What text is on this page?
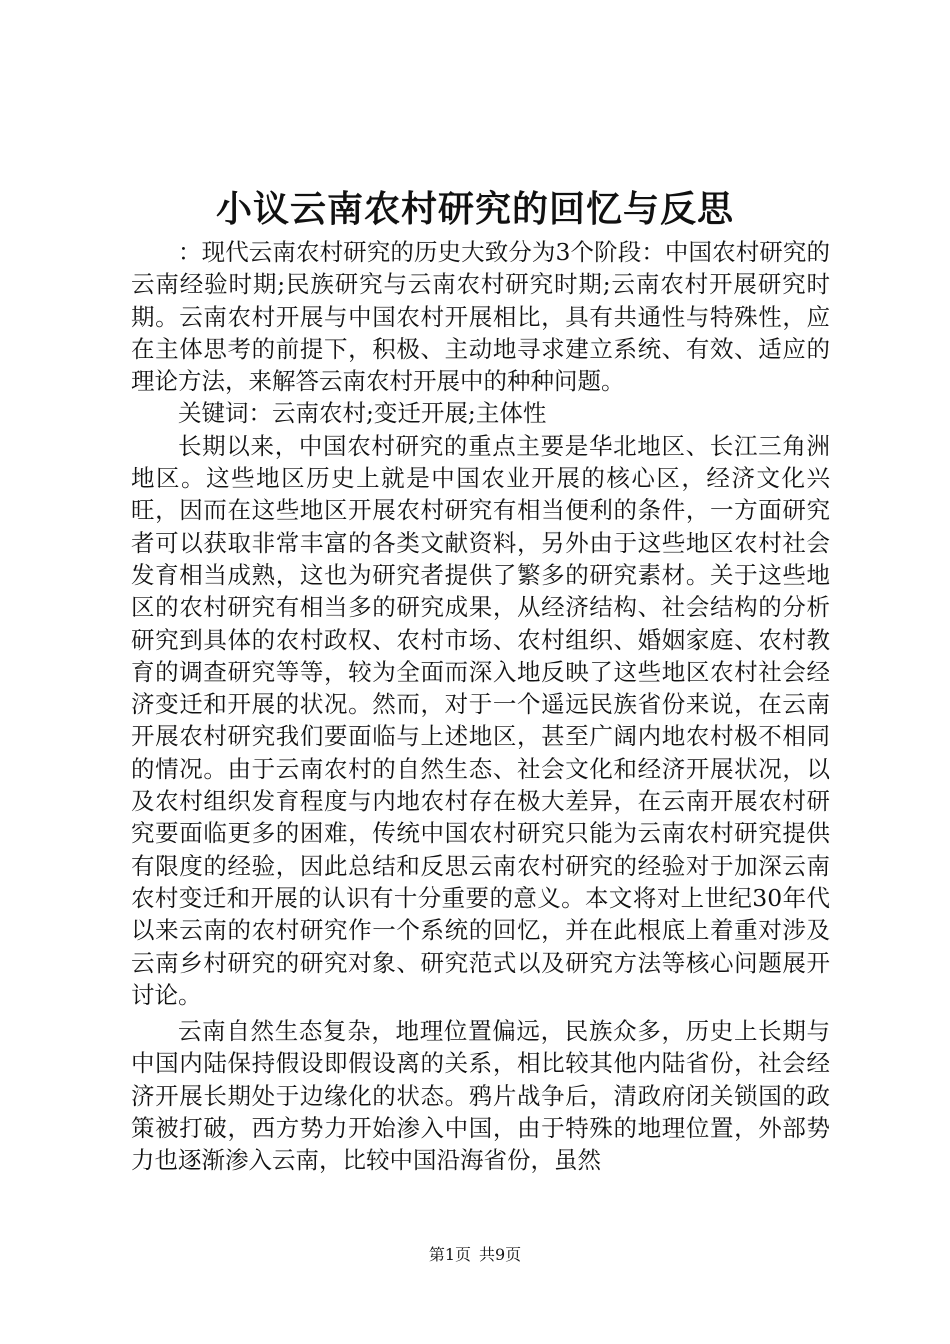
小议云南农村研究的回忆与反思

：现代云南农村研究的历史大致分为3个阶段：中国农村研究的云南经验时期;民族研究与云南农村研究时期;云南农村开展研究时期。云南农村开展与中国农村开展相比，具有共通性与特殊性，应在主体思考的前提下，积极、主动地寻求建立系统、有效、适应的理论方法，来解答云南农村开展中的种种问题。

关键词：云南农村;变迁开展;主体性

长期以来，中国农村研究的重点主要是华北地区、长江三角洲地区。这些地区历史上就是中国农业开展的核心区，经济文化兴旺，因而在这些地区开展农村研究有相当便利的条件，一方面研究者可以获取非常丰富的各类文献资料，另外由于这些地区农村社会发育相当成熟，这也为研究者提供了繁多的研究素材。关于这些地区的农村研究有相当多的研究成果，从经济结构、社会结构的分析研究到具体的农村政权、农村市场、农村组织、婚姻家庭、农村教育的调查研究等等，较为全面而深入地反映了这些地区农村社会经济变迁和开展的状况。然而，对于一个遥远民族省份来说，在云南开展农村研究我们要面临与上述地区，甚至广阔内地农村极不相同的情况。由于云南农村的自然生态、社会文化和经济开展状况，以及农村组织发育程度与内地农村存在极大差异，在云南开展农村研究要面临更多的困难，传统中国农村研究只能为云南农村研究提供有限度的经验，因此总结和反思云南农村研究的经验对于加深云南农村变迁和开展的认识有十分重要的意义。本文将对上世纪30年代以来云南的农村研究作一个系统的回忆，并在此根底上着重对涉及云南乡村研究的研究对象、研究范式以及研究方法等核心问题展开讨论。

云南自然生态复杂，地理位置偏远，民族众多，历史上长期与中国内陆保持假设即假设离的关系，相比较其他内陆省份，社会经济开展长期处于边缘化的状态。鸦片战争后，清政府闭关锁国的政策被打破，西方势力开始渗入中国，由于特殊的地理位置，外部势力也逐渐渗入云南，比较中国沿海省份，虽然

第1页 共9页
